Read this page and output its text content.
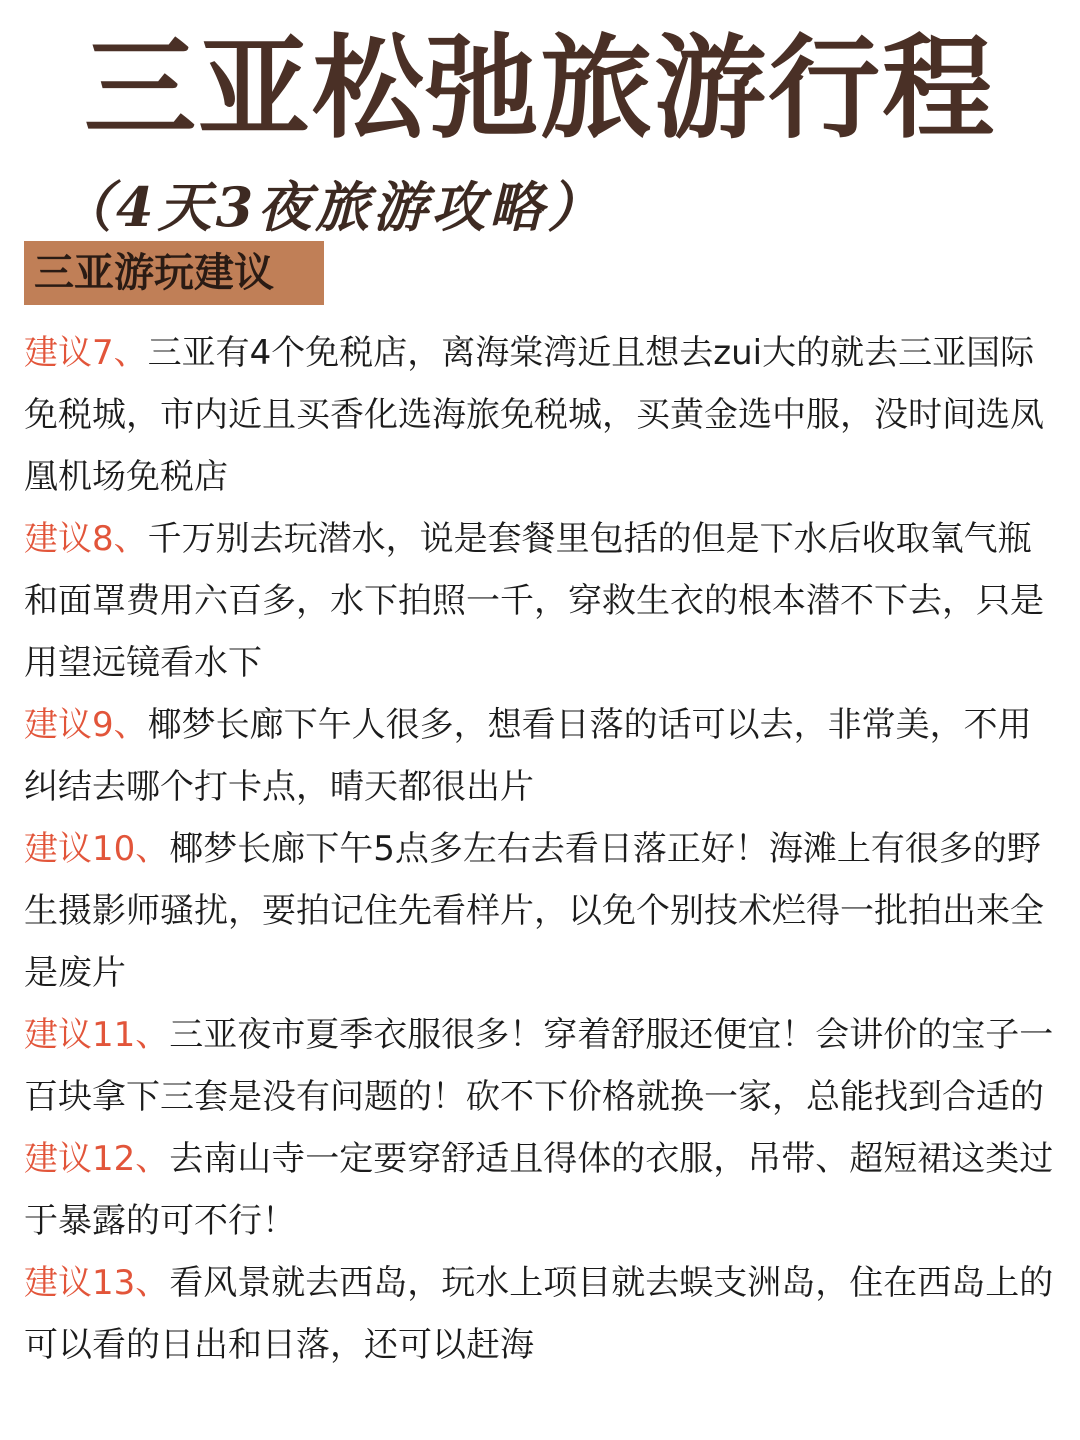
三亚松弛旅游行程
（4天3夜旅游攻略）
三亚游玩建议
建议7、三亚有4个免税店，离海棠湾近且想去zui大的就去三亚国际免税城，市内近且买香化选海旅免税城，买黄金选中服，没时间选凤凰机场免税店
建议8、千万别去玩潜水，说是套餐里包括的但是下水后收取氧气瓶和面罩费用六百多，水下拍照一千，穿救生衣的根本潜不下去，只是用望远镜看水下
建议9、椰梦长廊下午人很多，想看日落的话可以去，非常美，不用纠结去哪个打卡点，晴天都很出片
建议10、椰梦长廊下午5点多左右去看日落正好！海滩上有很多的野生摄影师骚扰，要拍记住先看样片，以免个别技术烂得一批拍出来全是废片
建议11、三亚夜市夏季衣服很多！穿着舒服还便宜！会讲价的宝子一百块拿下三套是没有问题的！砍不下价格就换一家，总能找到合适的
建议12、去南山寺一定要穿舒适且得体的衣服，吊带、超短裙这类过于暴露的可不行！
建议13、看风景就去西岛，玩水上项目就去蜈支洲岛，住在西岛上的可以看的日出和日落，还可以赶海
